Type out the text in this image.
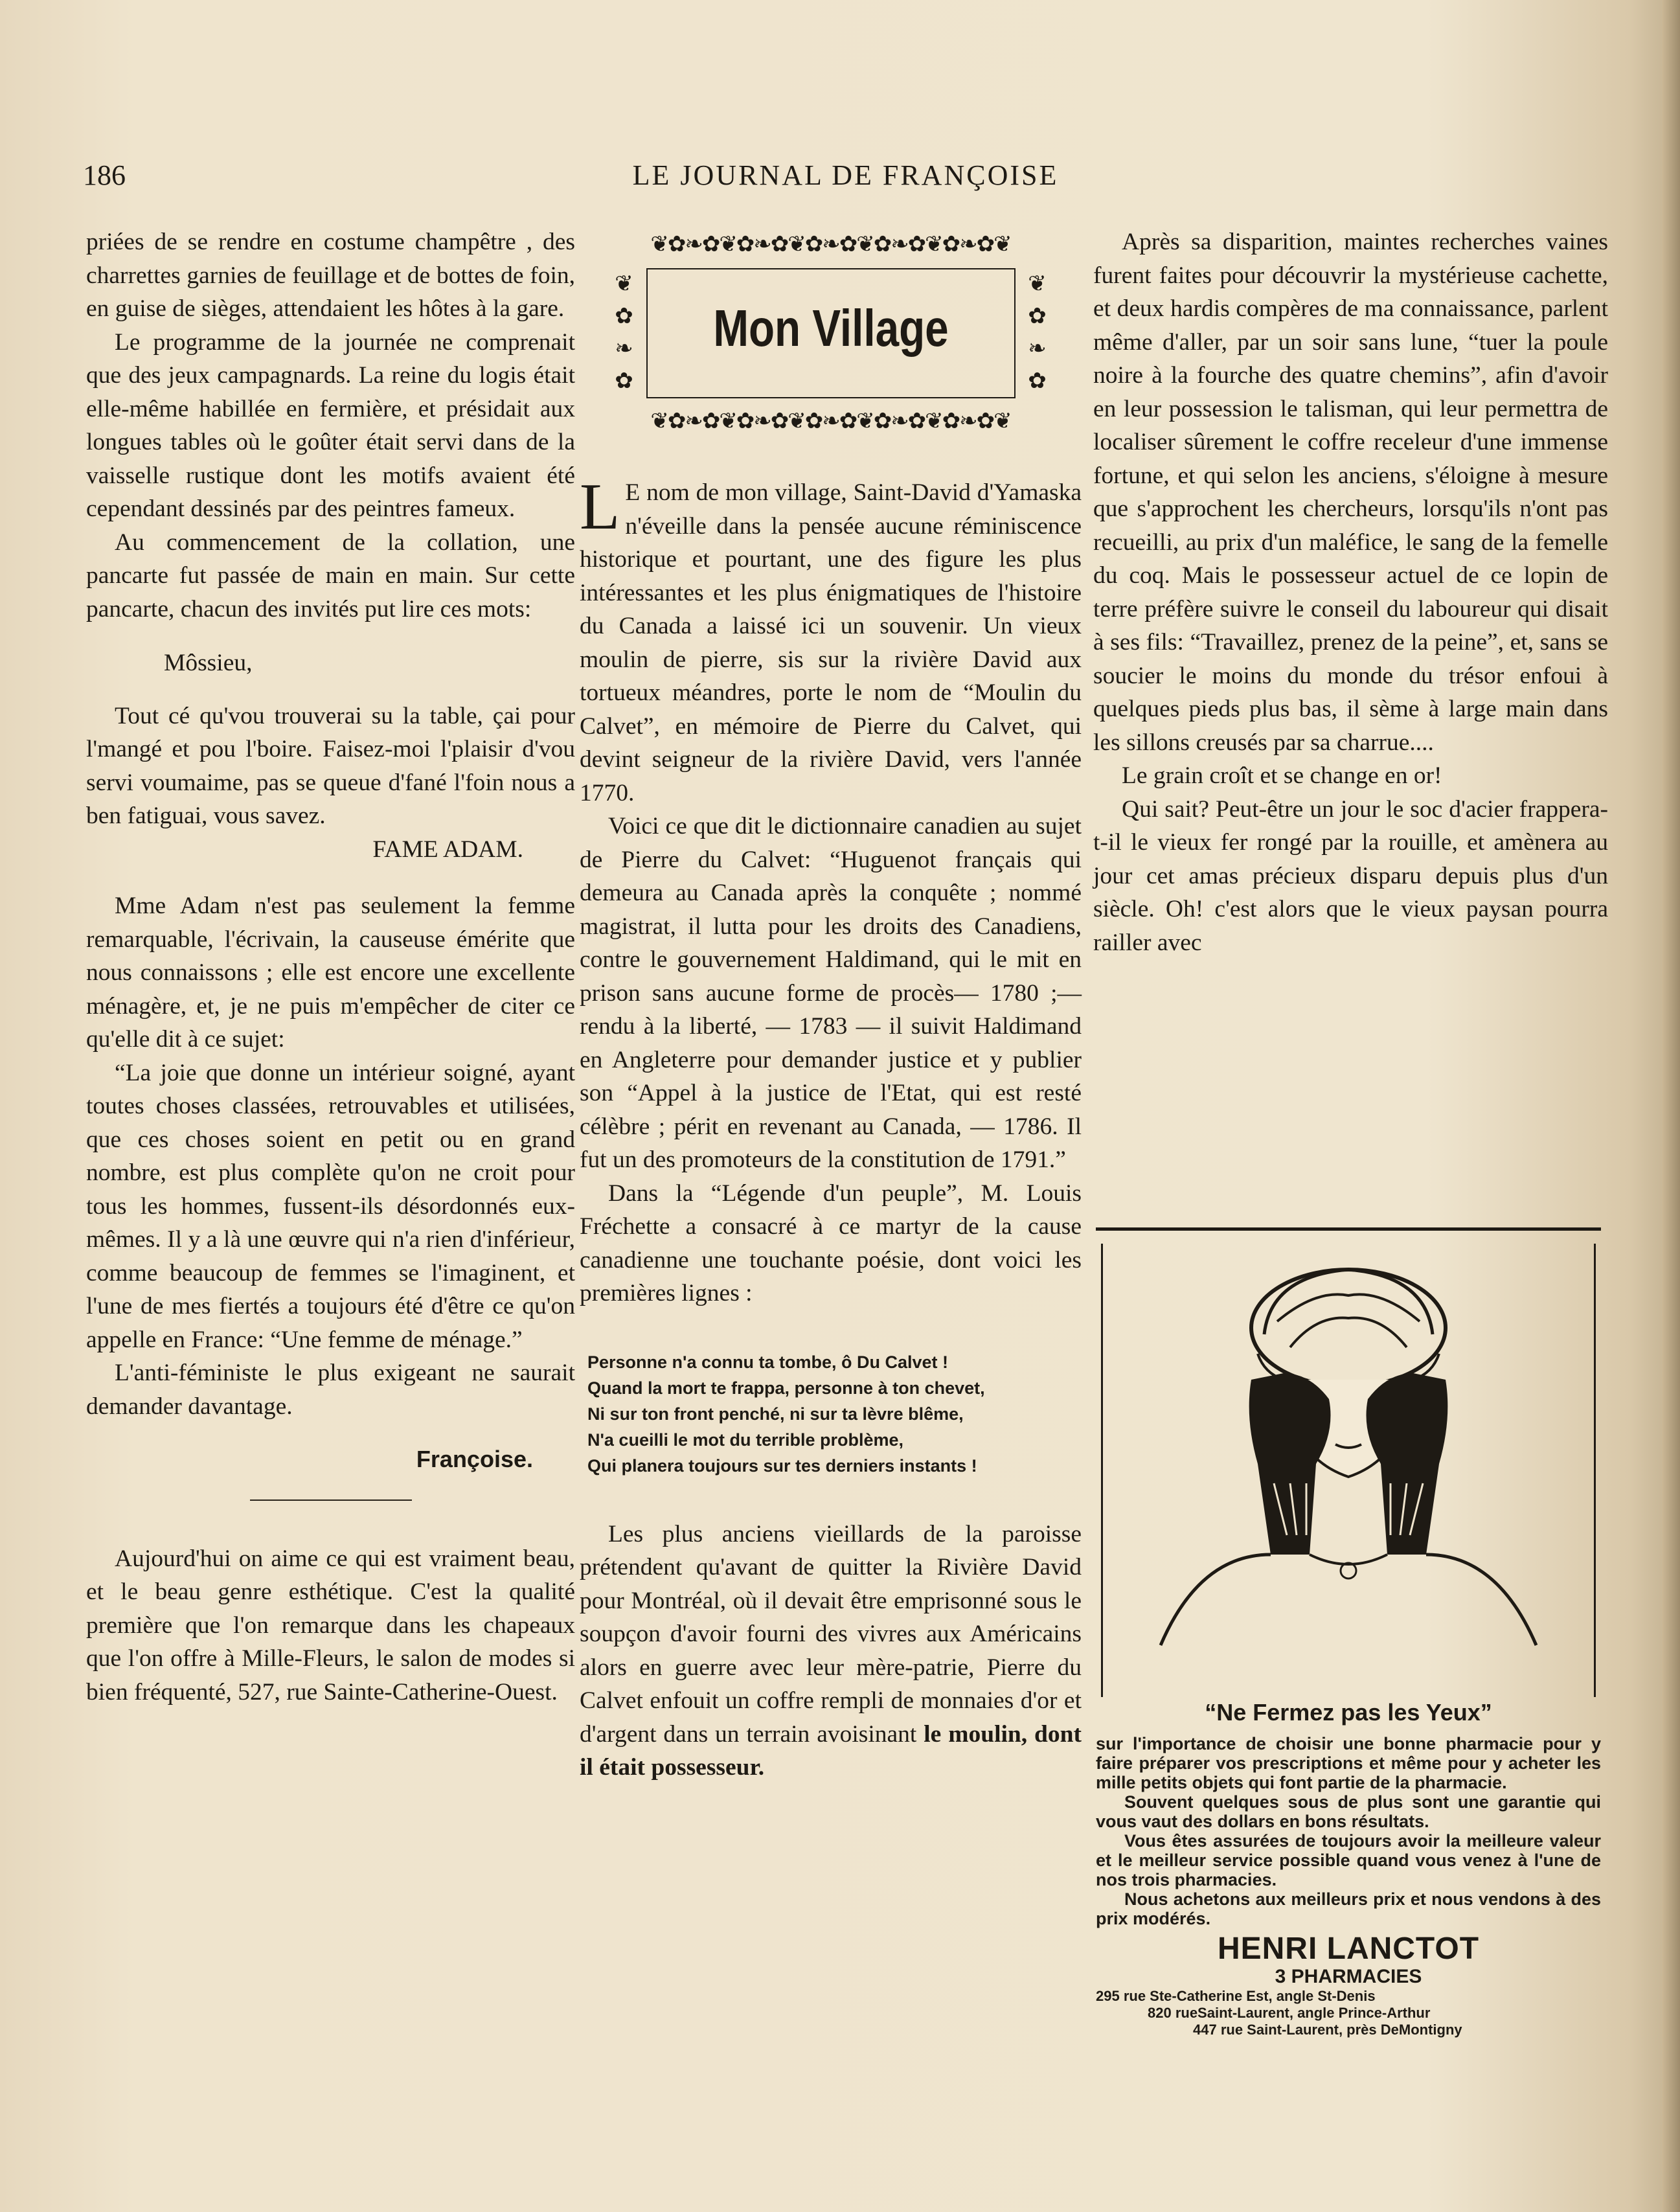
186	LE JOURNAL DE FRANÇOISE

priées de se rendre en costume champêtre , des charrettes garnies de feuillage et de bottes de foin, en guise de sièges, attendaient les hôtes à la gare.

Le programme de la journée ne comprenait que des jeux campagnards. La reine du logis était elle-même habillée en fermière, et présidait aux longues tables où le goûter était servi dans de la vaisselle rustique dont les motifs avaient été cependant dessinés par des peintres fameux.

Au commencement de la collation, une pancarte fut passée de main en main. Sur cette pancarte, chacun des invités put lire ces mots:

Môssieu,

Tout cé qu'vou trouverai su la table, çai pour l'mangé et pou l'boire. Faisez-moi l'plaisir d'vou servi voumaime, pas se queue d'fané l'foin nous a ben fatiguai, vous savez.

FAME ADAM.

Mme Adam n'est pas seulement la femme remarquable, l'écrivain, la causeuse émérite que nous connaissons ; elle est encore une excellente ménagère, et, je ne puis m'empêcher de citer ce qu'elle dit à ce sujet:

“La joie que donne un intérieur soigné, ayant toutes choses classées, retrouvables et utilisées, que ces choses soient en petit ou en grand nombre, est plus complète qu'on ne croit pour tous les hommes, fussent-ils désordonnés eux-mêmes. Il y a là une œuvre qui n'a rien d'inférieur, comme beaucoup de femmes se l'imaginent, et l'une de mes fiertés a toujours été d'être ce qu'on appelle en France: “Une femme de ménage.”

L'anti-féministe le plus exigeant ne saurait demander davantage.

Françoise.

Aujourd'hui on aime ce qui est vraiment beau, et le beau genre esthétique. C'est la qualité première que l'on remarque dans les chapeaux que l'on offre à Mille-Fleurs, le salon de modes si bien fréquenté, 527, rue Sainte-Catherine-Ouest.

❦✿❧✿❦✿❧✿❦✿❧✿❦✿❧✿❦✿❧✿❦
❦
✿
❧
✿
❦
✿
❧
✿
❦✿❧✿❦✿❧✿❦✿❧✿❦✿❧✿❦✿❧✿❦
Mon Village

L E nom de mon village, Saint-David d'Yamaska n'éveille dans la pensée aucune réminiscence historique et pourtant, une des figure les plus intéressantes et les plus énigmatiques de l'histoire du Canada a laissé ici un souvenir. Un vieux moulin de pierre, sis sur la rivière David aux tortueux méandres, porte le nom de “Moulin du Calvet”, en mémoire de Pierre du Calvet, qui devint seigneur de la rivière David, vers l'année 1770.

Voici ce que dit le dictionnaire canadien au sujet de Pierre du Calvet: “Huguenot français qui demeura au Canada après la conquête ; nommé magistrat, il lutta pour les droits des Canadiens, contre le gouvernement Haldimand, qui le mit en prison sans aucune forme de procès— 1780 ;—rendu à la liberté, — 1783 — il suivit Haldimand en Angleterre pour demander justice et y publier son “Appel à la justice de l'Etat, qui est resté célèbre ; périt en revenant au Canada, — 1786. Il fut un des promoteurs de la constitution de 1791.”

Dans la “Légende d'un peuple”, M. Louis Fréchette a consacré à ce martyr de la cause canadienne une touchante poésie, dont voici les premières lignes :

Personne n'a connu ta tombe, ô Du Calvet !
Quand la mort te frappa, personne à ton chevet,
Ni sur ton front penché, ni sur ta lèvre blême,
N'a cueilli le mot du terrible problème,
Qui planera toujours sur tes derniers instants !

Les plus anciens vieillards de la paroisse prétendent qu'avant de quitter la Rivière David pour Montréal, où il devait être emprisonné sous le soupçon d'avoir fourni des vivres aux Américains alors en guerre avec leur mère-patrie, Pierre du Calvet enfouit un coffre rempli de monnaies d'or et d'argent dans un terrain avoisinant le moulin, dont il était possesseur.

Après sa disparition, maintes recherches vaines furent faites pour découvrir la mystérieuse cachette, et deux hardis compères de ma connaissance, parlent même d'aller, par un soir sans lune, “tuer la poule noire à la fourche des quatre chemins”, afin d'avoir en leur possession le talisman, qui leur permettra de localiser sûrement le coffre receleur d'une immense fortune, et qui selon les anciens, s'éloigne à mesure que s'approchent les chercheurs, lorsqu'ils n'ont pas recueilli, au prix d'un maléfice, le sang de la femelle du coq. Mais le possesseur actuel de ce lopin de terre préfère suivre le conseil du laboureur qui disait à ses fils: “Travaillez, prenez de la peine”, et, sans se soucier le moins du monde du trésor enfoui à quelques pieds plus bas, il sème à large main dans les sillons creusés par sa charrue....

Le grain croît et se change en or!

Qui sait? Peut-être un jour le soc d'acier frappera-t-il le vieux fer rongé par la rouille, et amènera au jour cet amas précieux disparu depuis plus d'un siècle. Oh! c'est alors que le vieux paysan pourra railler avec

“Ne Fermez pas les Yeux”

sur l'importance de choisir une bonne pharmacie pour y faire préparer vos prescriptions et même pour y acheter les mille petits objets qui font partie de la pharmacie.

Souvent quelques sous de plus sont une garantie qui vous vaut des dollars en bons résultats.

Vous êtes assurées de toujours avoir la meilleure valeur et le meilleur service possible quand vous venez à l'une de nos trois pharmacies.

Nous achetons aux meilleurs prix et nous vendons à des prix modérés.

HENRI LANCTOT
3 PHARMACIES
295 rue Ste-Catherine Est, angle St-Denis
820 rueSaint-Laurent, angle Prince-Arthur
447 rue Saint-Laurent, près DeMontigny
